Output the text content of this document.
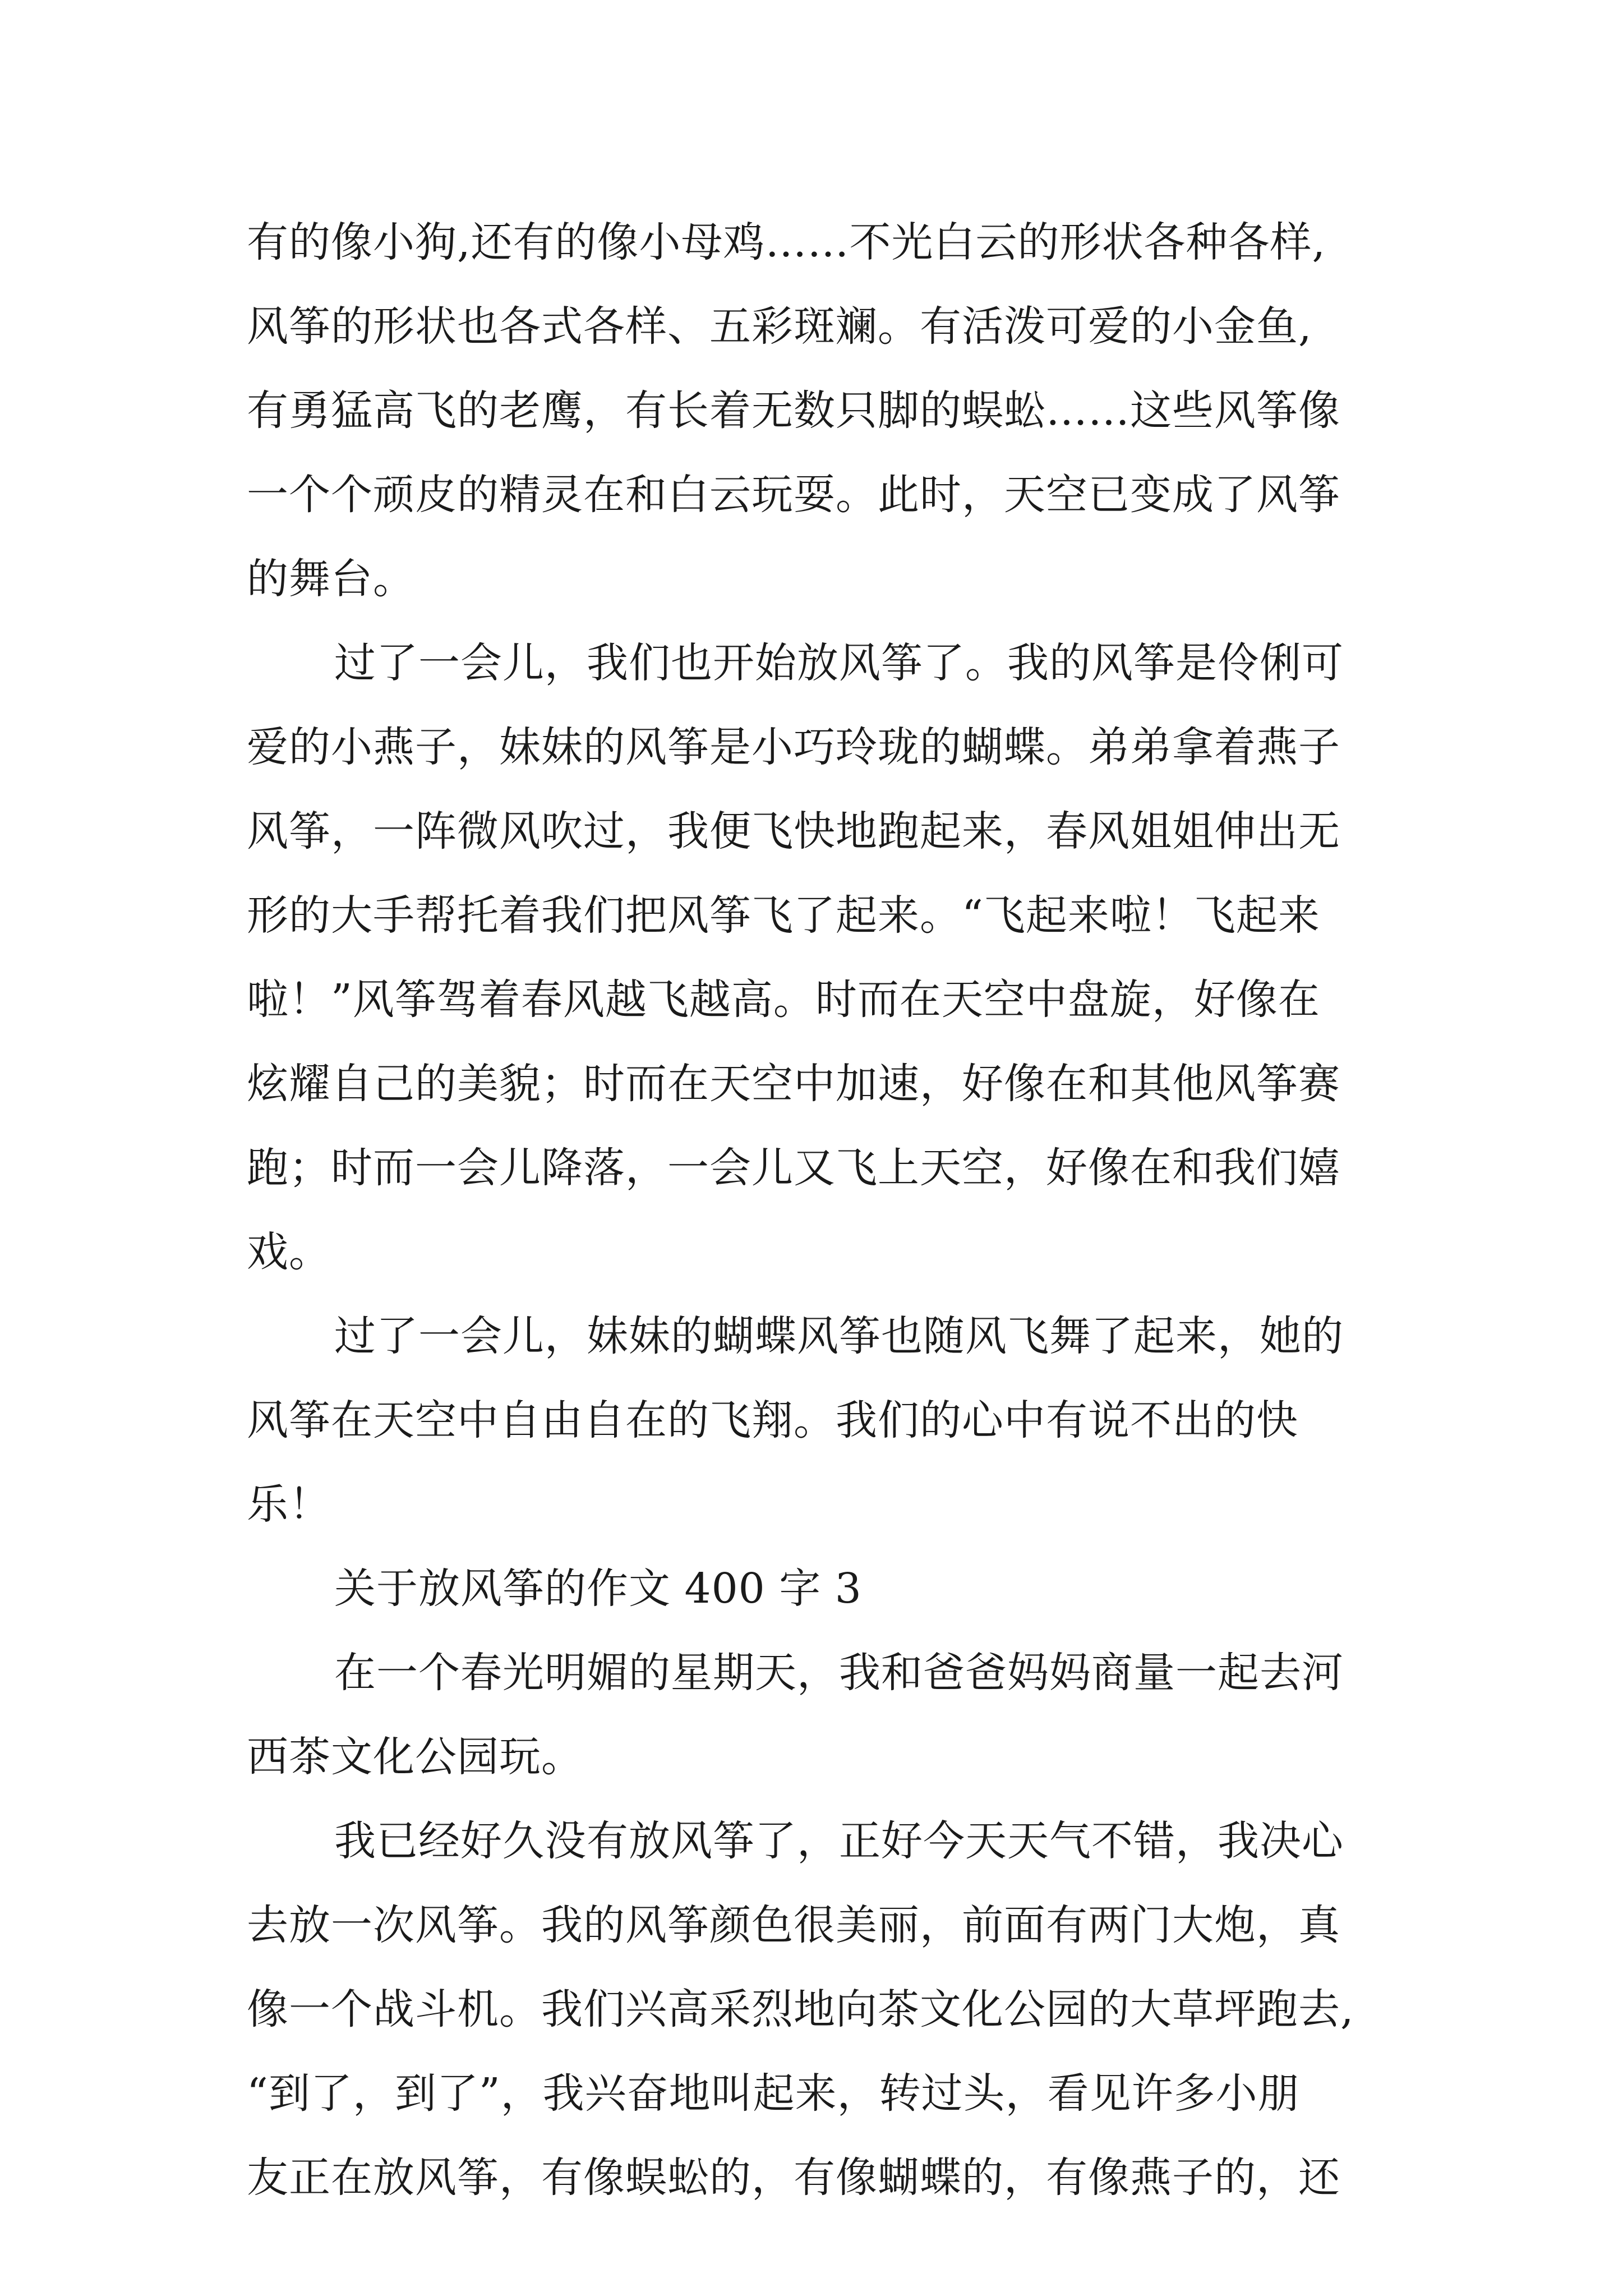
有的像小狗,还有的像小母鸡……不光白云的形状各种各样,
风筝的形状也各式各样、五彩斑斓。有活泼可爱的小金鱼,
有勇猛高飞的老鹰，有长着无数只脚的蜈蚣……这些风筝像
一个个顽皮的精灵在和白云玩耍。此时，天空已变成了风筝
的舞台。
过了一会儿，我们也开始放风筝了。我的风筝是伶俐可
爱的小燕子，妹妹的风筝是小巧玲珑的蝴蝶。弟弟拿着燕子
风筝，一阵微风吹过，我便飞快地跑起来，春风姐姐伸出无
形的大手帮托着我们把风筝飞了起来。“飞起来啦！飞起来
啦！”风筝驾着春风越飞越高。时而在天空中盘旋，好像在
炫耀自己的美貌；时而在天空中加速，好像在和其他风筝赛
跑；时而一会儿降落，一会儿又飞上天空，好像在和我们嬉
戏。
过了一会儿，妹妹的蝴蝶风筝也随风飞舞了起来，她的
风筝在天空中自由自在的飞翔。我们的心中有说不出的快
乐！
关于放风筝的作文 400 字 3
在一个春光明媚的星期天，我和爸爸妈妈商量一起去河
西茶文化公园玩。
我已经好久没有放风筝了，正好今天天气不错，我决心
去放一次风筝。我的风筝颜色很美丽，前面有两门大炮，真
像一个战斗机。我们兴高采烈地向茶文化公园的大草坪跑去,
“到了，到了”，我兴奋地叫起来，转过头，看见许多小朋
友正在放风筝，有像蜈蚣的，有像蝴蝶的，有像燕子的，还
